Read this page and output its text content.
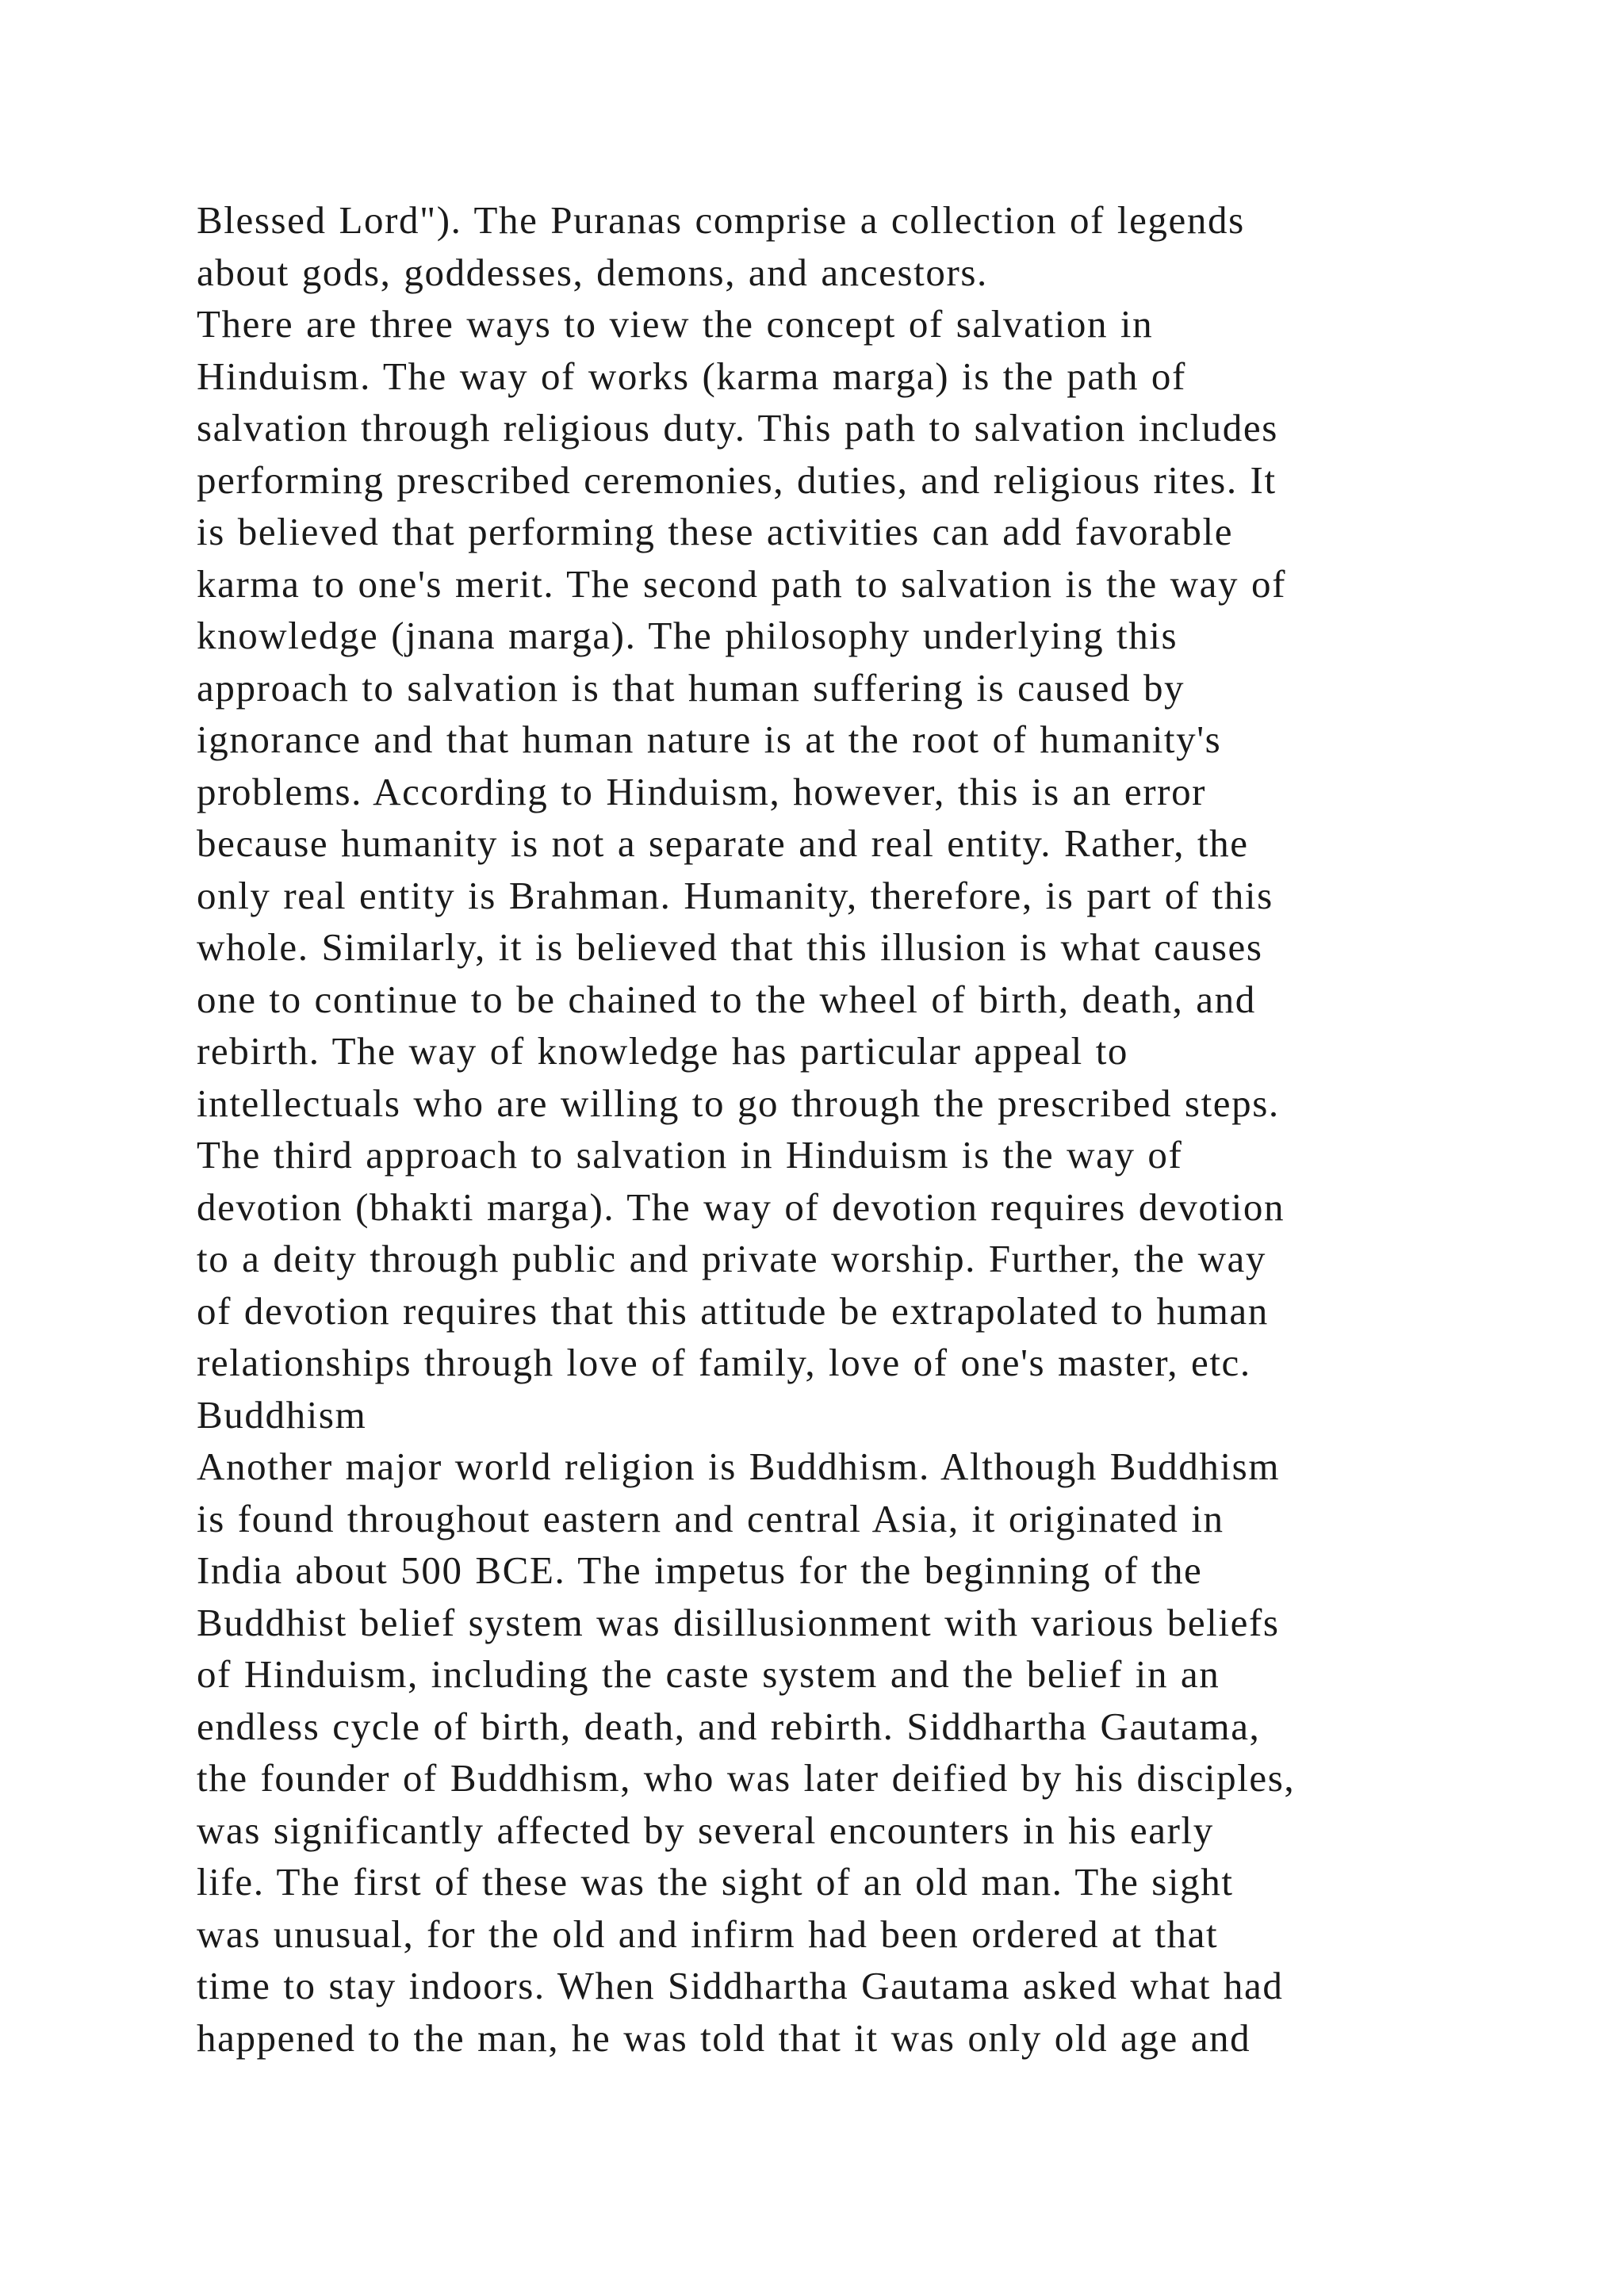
Blessed Lord"). The Puranas comprise a collection of legends
about gods, goddesses, demons, and ancestors.
There are three ways to view the concept of salvation in
Hinduism. The way of works (karma marga) is the path of
salvation through religious duty. This path to salvation includes
performing prescribed ceremonies, duties, and religious rites. It
is believed that performing these activities can add favorable
karma to one's merit. The second path to salvation is the way of
knowledge (jnana marga). The philosophy underlying this
approach to salvation is that human suffering is caused by
ignorance and that human nature is at the root of humanity's
problems. According to Hinduism, however, this is an error
because humanity is not a separate and real entity. Rather, the
only real entity is Brahman. Humanity, therefore, is part of this
whole. Similarly, it is believed that this illusion is what causes
one to continue to be chained to the wheel of birth, death, and
rebirth. The way of knowledge has particular appeal to
intellectuals who are willing to go through the prescribed steps.
The third approach to salvation in Hinduism is the way of
devotion (bhakti marga). The way of devotion requires devotion
to a deity through public and private worship. Further, the way
of devotion requires that this attitude be extrapolated to human
relationships through love of family, love of one's master, etc.
Buddhism
Another major world religion is Buddhism. Although Buddhism
is found throughout eastern and central Asia, it originated in
India about 500 BCE. The impetus for the beginning of the
Buddhist belief system was disillusionment with various beliefs
of Hinduism, including the caste system and the belief in an
endless cycle of birth, death, and rebirth. Siddhartha Gautama,
the founder of Buddhism, who was later deified by his disciples,
was significantly affected by several encounters in his early
life. The first of these was the sight of an old man. The sight
was unusual, for the old and infirm had been ordered at that
time to stay indoors. When Siddhartha Gautama asked what had
happened to the man, he was told that it was only old age and
